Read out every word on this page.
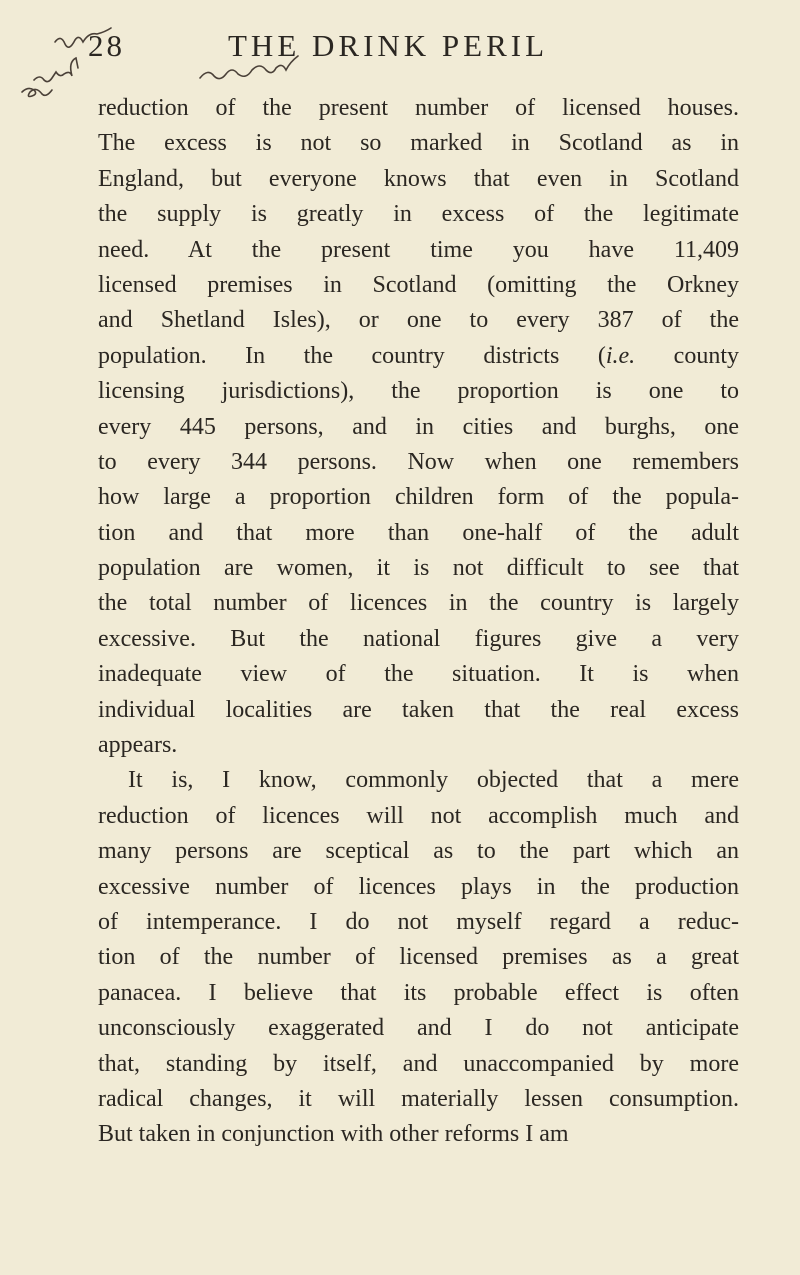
28	THE DRINK PERIL
reduction of the present number of licensed houses.
The excess is not so marked in Scotland as in
England, but everyone knows that even in Scotland
the supply is greatly in excess of the legitimate
need. At the present time you have 11,409
licensed premises in Scotland (omitting the Orkney
and Shetland Isles), or one to every 387 of the
population. In the country districts (i.e. county
licensing jurisdictions), the proportion is one to
every 445 persons, and in cities and burghs, one
to every 344 persons. Now when one remembers
how large a proportion children form of the popula-
tion and that more than one-half of the adult
population are women, it is not difficult to see that
the total number of licences in the country is largely
excessive. But the national figures give a very
inadequate view of the situation. It is when
individual localities are taken that the real excess
appears.
It is, I know, commonly objected that a mere
reduction of licences will not accomplish much and
many persons are sceptical as to the part which an
excessive number of licences plays in the production
of intemperance. I do not myself regard a reduc-
tion of the number of licensed premises as a great
panacea. I believe that its probable effect is often
unconsciously exaggerated and I do not anticipate
that, standing by itself, and unaccompanied by more
radical changes, it will materially lessen consumption.
But taken in conjunction with other reforms I am
